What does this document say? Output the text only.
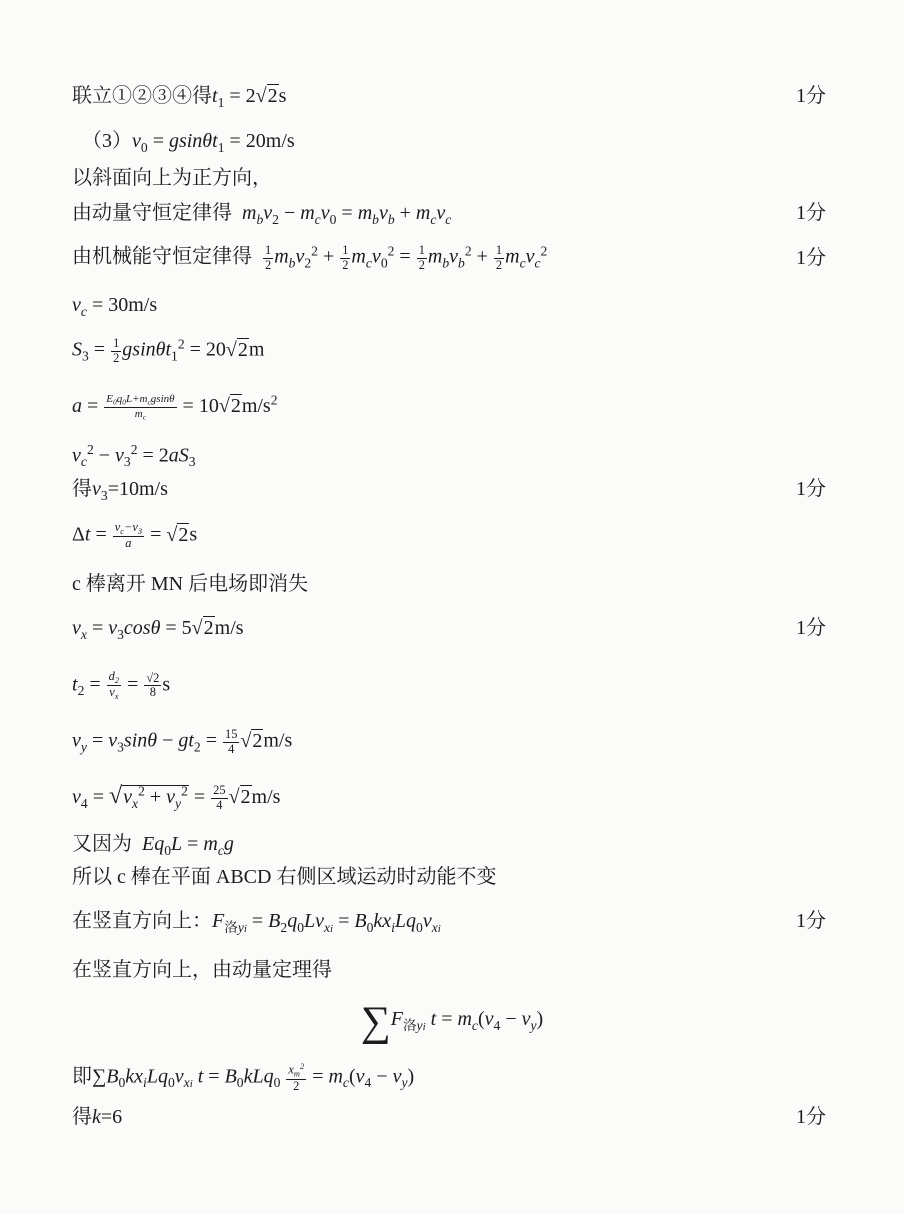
联立①②③④得$t_1 = 2√2s$	1分
$(3)v_0 = gsin\theta t_1 = 20m/s$
以斜面向上为正方向，
由动量守恒定律得 $m_bv_2 - m_cv_0 = m_bv_b + m_cv_c$	1分
由机械能守恒定律得 $\frac{1}{2} m_bv_2^2 + \frac{1}{2} m_cv_0^2 = \frac{1}{2} m_bv_b^2 + \frac{1}{2} m_cv_c^2$	1分
$v_c = 30m/s$
$S_3 = \frac{1}{2} gsin\theta t_1^2 = 20√2m$
$a = \frac{E_0q_0L+m_cgsin\theta}{m_c} = 10√2m/s^2$
$v_c^2 - v_3^2 = 2aS_3$
得$v_3=10m/s$	1分
$\Delta t = \frac{v_c-v_3}{a} = √2s$
c 棒离开 MN 后电场即消失
$v_x = v_3\cos\theta = 5√2m/s$	1分
$t_2 = \frac{d_2}{v_x} = \frac{√2}{8}$ s
$v_y = v_3\sin\theta - gt_2 = \frac{15}{4} √2m/s$
$v_4 = √v_x^2 + v_y^2 = \frac{25}{4} √2m/s$
又因为 $Eq_0L = m_cg$
所以 c 棒在平面 ABCD 右侧区域运动时动能不变
在竖直方向上：$F_{洛yi} = B_2q_0Lv_{xi} = B_0kx_iLq_0v_{xi}$	1分
在竖直方向上，由动量定理得
$\sum F_{洛yi}$ $t = m_c(v_4 - v_y)$
即$\sum B_0kx_iLq_0v_{xi}$ $t = B_0kLq_0 \frac{x_m^2}{2} = m_c(v_4 - v_y)$
得k=6	1分
